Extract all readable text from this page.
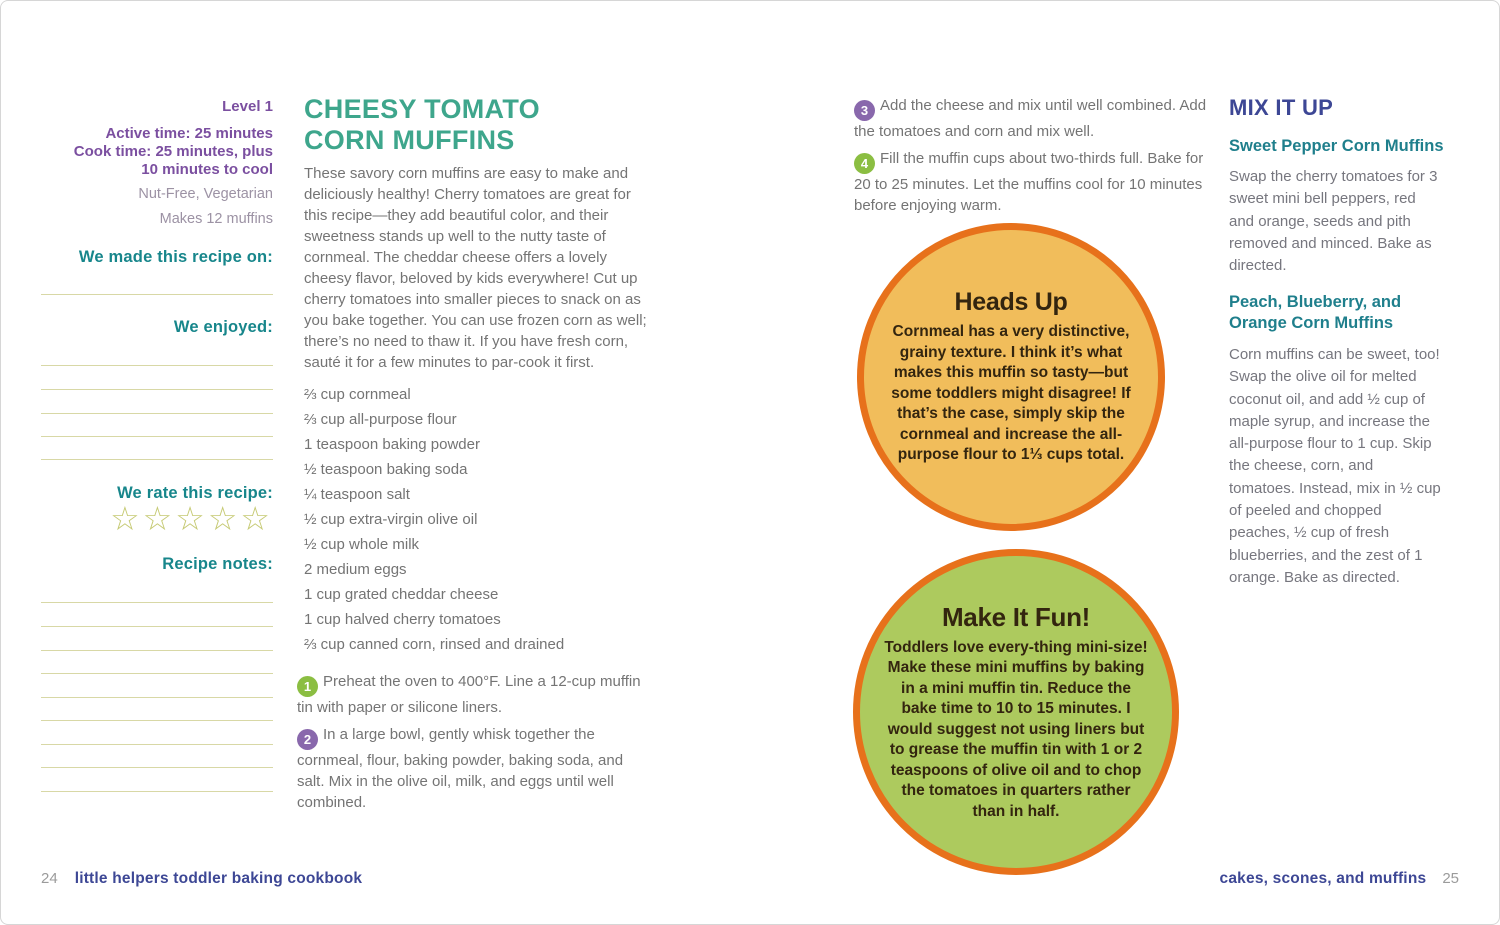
Level 1
Active time: 25 minutes
Cook time: 25 minutes, plus
10 minutes to cool
Nut-Free, Vegetarian
Makes 12 muffins
We made this recipe on:
We enjoyed:
We rate this recipe:
☆☆☆☆☆
Recipe notes:
CHEESY TOMATO
CORN MUFFINS
These savory corn muffins are easy to make and deliciously healthy! Cherry tomatoes are great for this recipe—they add beautiful color, and their sweetness stands up well to the nutty taste of cornmeal. The cheddar cheese offers a lovely cheesy flavor, beloved by kids everywhere! Cut up cherry tomatoes into smaller pieces to snack on as you bake together. You can use frozen corn as well; there’s no need to thaw it. If you have fresh corn, sauté it for a few minutes to par-cook it first.
⅔ cup cornmeal
⅔ cup all-purpose flour
1 teaspoon baking powder
½ teaspoon baking soda
¼ teaspoon salt
½ cup extra-virgin olive oil
½ cup whole milk
2 medium eggs
1 cup grated cheddar cheese
1 cup halved cherry tomatoes
⅔ cup canned corn, rinsed and drained
1 Preheat the oven to 400°F. Line a 12-cup muffin tin with paper or silicone liners.
2 In a large bowl, gently whisk together the cornmeal, flour, baking powder, baking soda, and salt. Mix in the olive oil, milk, and eggs until well combined.
3 Add the cheese and mix until well combined. Add the tomatoes and corn and mix well.
4 Fill the muffin cups about two-thirds full. Bake for 20 to 25 minutes. Let the muffins cool for 10 minutes before enjoying warm.
Heads Up
Cornmeal has a very distinctive, grainy texture. I think it’s what makes this muffin so tasty—but some toddlers might disagree! If that’s the case, simply skip the cornmeal and increase the all-purpose flour to 1⅓ cups total.
Make It Fun!
Toddlers love every-thing mini-size! Make these mini muffins by baking in a mini muffin tin. Reduce the bake time to 10 to 15 minutes. I would suggest not using liners but to grease the muffin tin with 1 or 2 teaspoons of olive oil and to chop the tomatoes in quarters rather than in half.
MIX IT UP
Sweet Pepper Corn Muffins
Swap the cherry tomatoes for 3 sweet mini bell peppers, red and orange, seeds and pith removed and minced. Bake as directed.
Peach, Blueberry, and
Orange Corn Muffins
Corn muffins can be sweet, too! Swap the olive oil for melted coconut oil, and add ½ cup of maple syrup, and increase the all-purpose flour to 1 cup. Skip the cheese, corn, and tomatoes. Instead, mix in ½ cup of peeled and chopped peaches, ½ cup of fresh blueberries, and the zest of 1 orange. Bake as directed.
24 little helpers toddler baking cookbook	cakes, scones, and muffins 25
